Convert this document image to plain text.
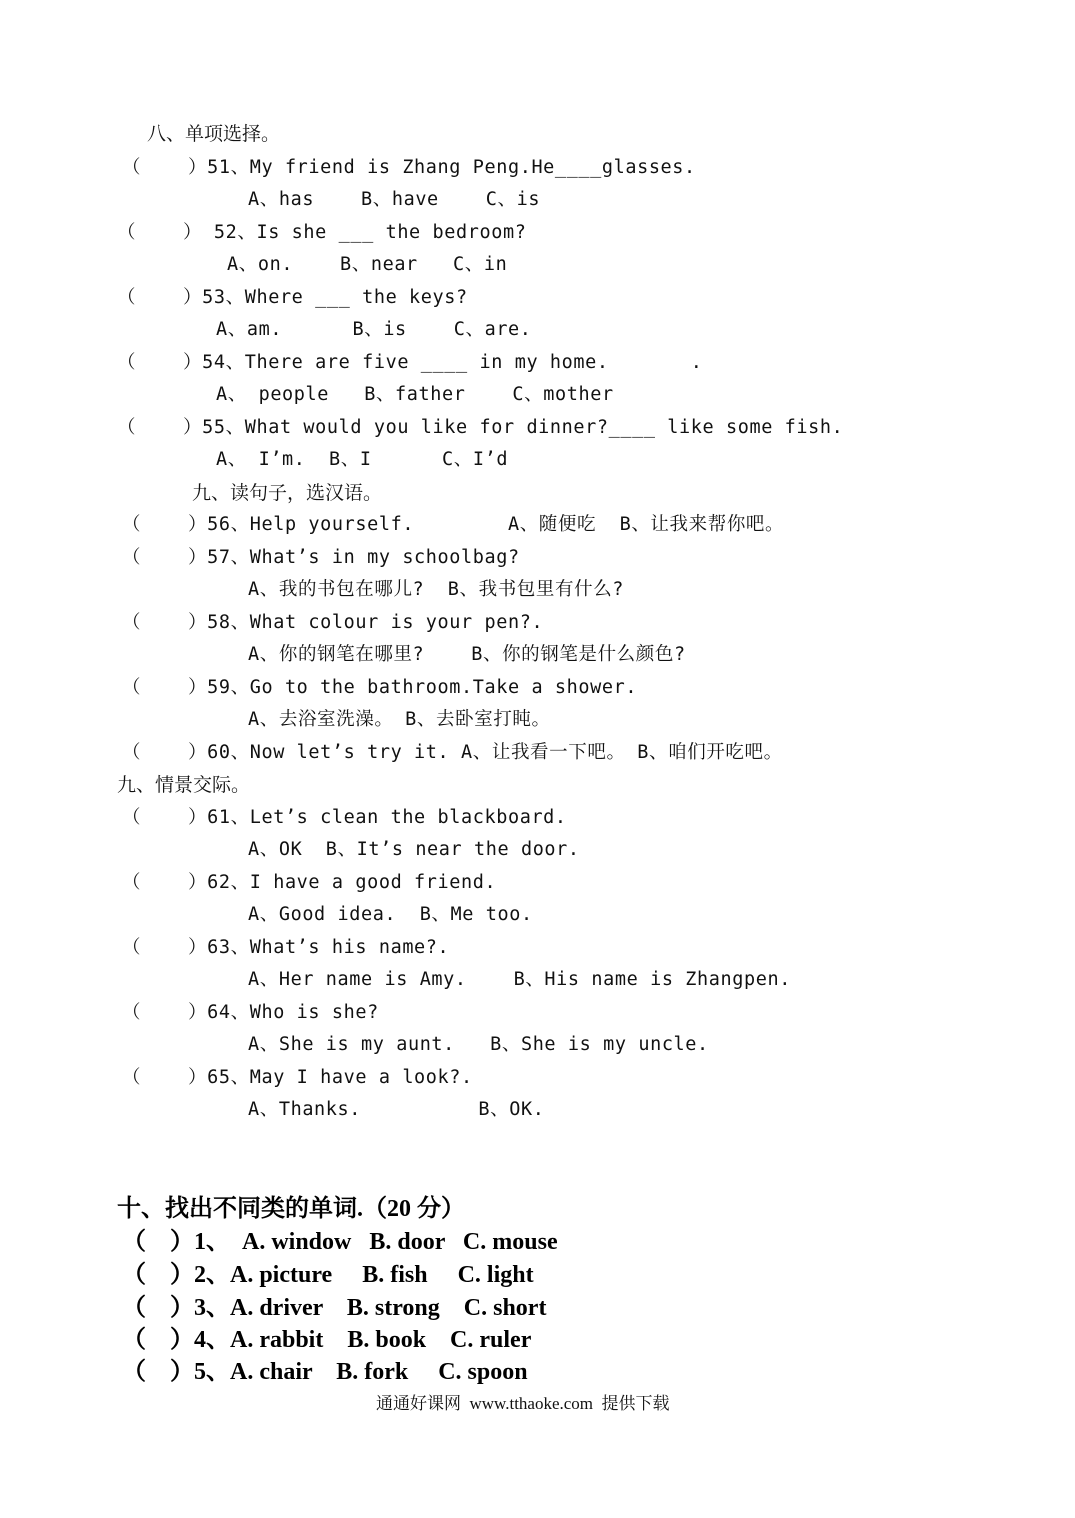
八、单项选择。
（    ）51、My friend is Zhang Peng.He____glasses.
A、has    B、have    C、is
（    ） 52、Is she ___ the bedroom?
A、on.    B、near   C、in
（    ）53、Where ___ the keys?
A、am.      B、is    C、are.
（    ）54、There are five ____ in my home.       .
A、 people   B、father    C、mother
（    ）55、What would you like for dinner?____ like some fish.
A、 I’m.  B、I      C、I’d
九、读句子，选汉语。
（    ）56、Help yourself.        A、随便吃  B、让我来帮你吧。
（    ）57、What’s in my schoolbag?
A、我的书包在哪儿?  B、我书包里有什么?
（    ）58、What colour is your pen?.
A、你的钢笔在哪里?    B、你的钢笔是什么颜色?
（    ）59、Go to the bathroom.Take a shower.
A、去浴室洗澡。 B、去卧室打盹。
（    ）60、Now let’s try it. A、让我看一下吧。 B、咱们开吃吧。
九、情景交际。
（    ）61、Let’s clean the blackboard.
A、OK  B、It’s near the door.
（    ）62、I have a good friend.
A、Good idea.  B、Me too.
（    ）63、What’s his name?.
A、Her name is Amy.    B、His name is Zhangpen.
（    ）64、Who is she?
A、She is my aunt.   B、She is my uncle.
（    ）65、May I have a look?.
A、Thanks.          B、OK.
十、找出不同类的单词.（20 分）
（    ）1、  A. window   B. door   C. mouse
（    ）2、A. picture     B. fish     C. light
（    ）3、A. driver    B. strong    C. short
（    ）4、A. rabbit    B. book    C. ruler
（    ）5、A. chair    B. fork     C. spoon
通通好课网  www.tthaoke.com  提供下载
